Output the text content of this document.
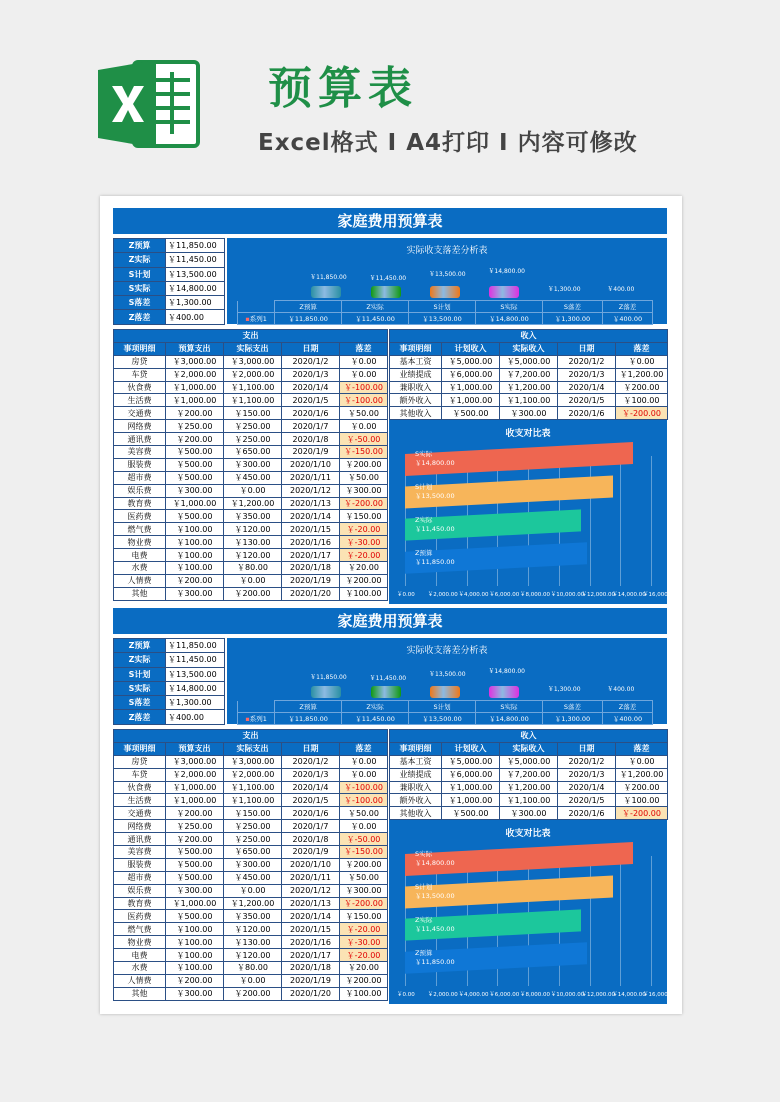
预算表
Excel格式 I A4打印 I 内容可修改
家庭费用预算表
Z预算	￥11,850.00
Z实际	￥11,450.00
S计划	￥13,500.00
S实际	￥14,800.00
S落差	￥1,300.00
Z落差	￥400.00
实际收支落差分析表
￥11,850.00	￥11,450.00
￥13,500.00	￥14,800.00
￥1,300.00	￥400.00
	Z预算	Z实际	S计划	S实际	S落差	Z落差
▪系列1	￥11,850.00	￥11,450.00	￥13,500.00	￥14,800.00	￥1,300.00	￥400.00
支出				
事项明细	预算支出	实际支出	日期	落差
房贷	￥3,000.00	￥3,000.00	2020/1/2	￥0.00
车贷	￥2,000.00	￥2,000.00	2020/1/3	￥0.00
伙食费	￥1,000.00	￥1,100.00	2020/1/4	￥-100.00
生活费	￥1,000.00	￥1,100.00	2020/1/5	￥-100.00
交通费	￥200.00	￥150.00	2020/1/6	￥50.00
网络费	￥250.00	￥250.00	2020/1/7	￥0.00
通讯费	￥200.00	￥250.00	2020/1/8	￥-50.00
美容费	￥500.00	￥650.00	2020/1/9	￥-150.00
服装费	￥500.00	￥300.00	2020/1/10	￥200.00
超市费	￥500.00	￥450.00	2020/1/11	￥50.00
娱乐费	￥300.00	￥0.00	2020/1/12	￥300.00
教育费	￥1,000.00	￥1,200.00	2020/1/13	￥-200.00
医药费	￥500.00	￥350.00	2020/1/14	￥150.00
燃气费	￥100.00	￥120.00	2020/1/15	￥-20.00
物业费	￥100.00	￥130.00	2020/1/16	￥-30.00
电费	￥100.00	￥120.00	2020/1/17	￥-20.00
水费	￥100.00	￥80.00	2020/1/18	￥20.00
人情费	￥200.00	￥0.00	2020/1/19	￥200.00
其他	￥300.00	￥200.00	2020/1/20	￥100.00
收入				
事项明细	计划收入	实际收入	日期	落差
基本工资	￥5,000.00	￥5,000.00	2020/1/2	￥0.00
业绩提成	￥6,000.00	￥7,200.00	2020/1/3	￥1,200.00
兼职收入	￥1,000.00	￥1,200.00	2020/1/4	￥200.00
额外收入	￥1,000.00	￥1,100.00	2020/1/5	￥100.00
其他收入	￥500.00	￥300.00	2020/1/6	￥-200.00
收支对比表
￥0.00 ￥2,000.00 ￥4,000.00 ￥6,000.00 ￥8,000.00 ￥10,000.00
￥12,000.00
￥14,000.00
￥16,000.00
S实际
￥14,800.00
S计划
￥13,500.00
Z实际
￥11,450.00
Z预算
￥11,850.00
家庭费用预算表
Z预算	￥11,850.00
Z实际	￥11,450.00
S计划	￥13,500.00
S实际	￥14,800.00
S落差	￥1,300.00
Z落差	￥400.00
实际收支落差分析表
￥11,850.00	￥11,450.00
￥13,500.00	￥14,800.00
￥1,300.00	￥400.00
	Z预算	Z实际	S计划	S实际	S落差	Z落差
▪系列1	￥11,850.00	￥11,450.00	￥13,500.00	￥14,800.00	￥1,300.00	￥400.00
支出				
事项明细	预算支出	实际支出	日期	落差
房贷	￥3,000.00	￥3,000.00	2020/1/2	￥0.00
车贷	￥2,000.00	￥2,000.00	2020/1/3	￥0.00
伙食费	￥1,000.00	￥1,100.00	2020/1/4	￥-100.00
生活费	￥1,000.00	￥1,100.00	2020/1/5	￥-100.00
交通费	￥200.00	￥150.00	2020/1/6	￥50.00
网络费	￥250.00	￥250.00	2020/1/7	￥0.00
通讯费	￥200.00	￥250.00	2020/1/8	￥-50.00
美容费	￥500.00	￥650.00	2020/1/9	￥-150.00
服装费	￥500.00	￥300.00	2020/1/10	￥200.00
超市费	￥500.00	￥450.00	2020/1/11	￥50.00
娱乐费	￥300.00	￥0.00	2020/1/12	￥300.00
教育费	￥1,000.00	￥1,200.00	2020/1/13	￥-200.00
医药费	￥500.00	￥350.00	2020/1/14	￥150.00
燃气费	￥100.00	￥120.00	2020/1/15	￥-20.00
物业费	￥100.00	￥130.00	2020/1/16	￥-30.00
电费	￥100.00	￥120.00	2020/1/17	￥-20.00
水费	￥100.00	￥80.00	2020/1/18	￥20.00
人情费	￥200.00	￥0.00	2020/1/19	￥200.00
其他	￥300.00	￥200.00	2020/1/20	￥100.00
收入				
事项明细	计划收入	实际收入	日期	落差
基本工资	￥5,000.00	￥5,000.00	2020/1/2	￥0.00
业绩提成	￥6,000.00	￥7,200.00	2020/1/3	￥1,200.00
兼职收入	￥1,000.00	￥1,200.00	2020/1/4	￥200.00
额外收入	￥1,000.00	￥1,100.00	2020/1/5	￥100.00
其他收入	￥500.00	￥300.00	2020/1/6	￥-200.00
收支对比表
￥0.00 ￥2,000.00 ￥4,000.00 ￥6,000.00 ￥8,000.00 ￥10,000.00
￥12,000.00
￥14,000.00
￥16,000.00
S实际
￥14,800.00
S计划
￥13,500.00
Z实际
￥11,450.00
Z预算
￥11,850.00
